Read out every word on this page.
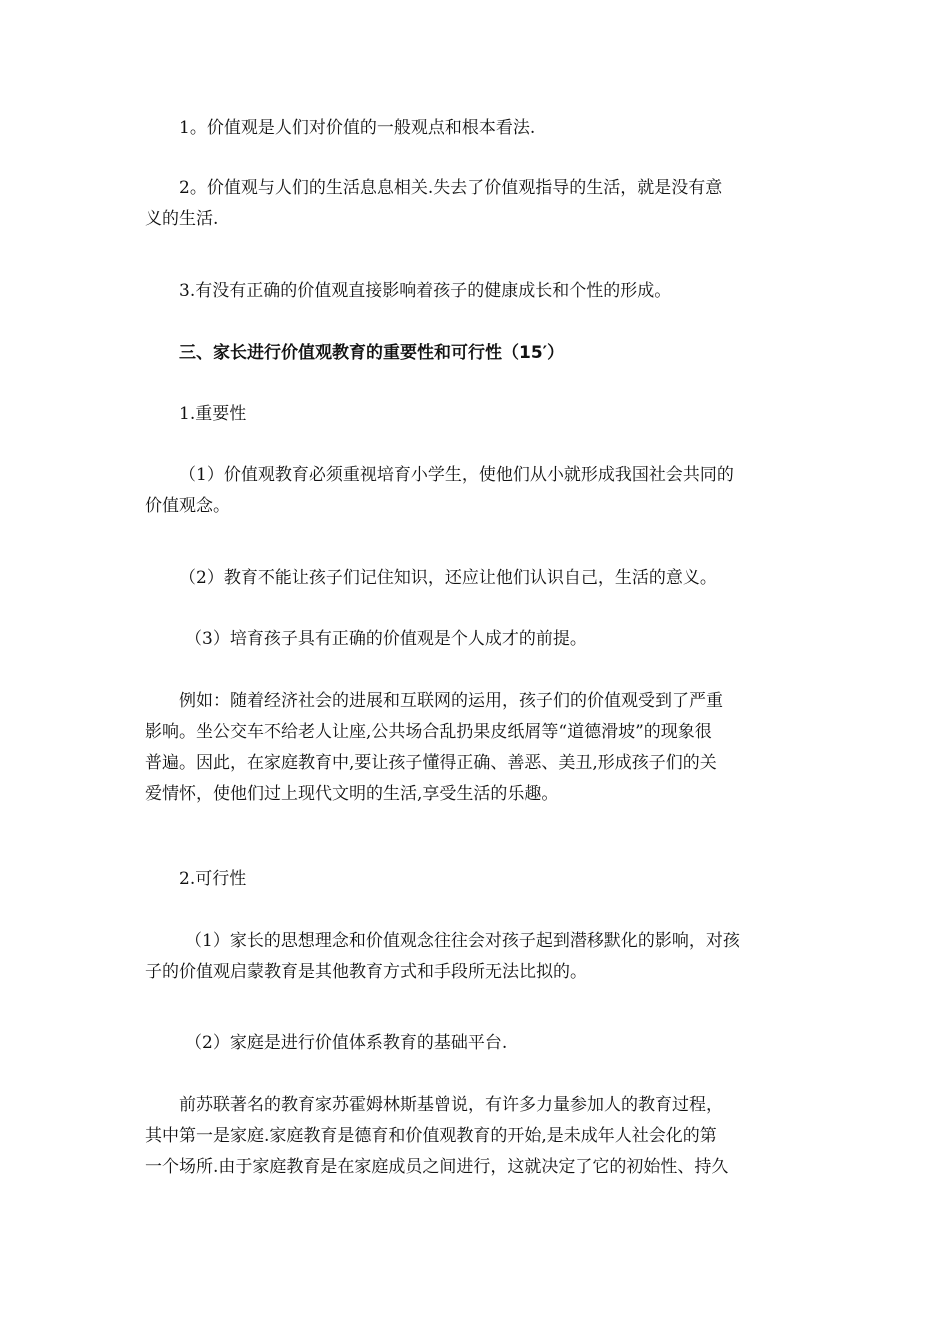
1。价值观是人们对价值的一般观点和根本看法.
2。价值观与人们的生活息息相关.失去了价值观指导的生活，就是没有意
义的生活.
3.有没有正确的价值观直接影响着孩子的健康成长和个性的形成。
三、家长进行价值观教育的重要性和可行性（15′）
1.重要性
（1）价值观教育必须重视培育小学生，使他们从小就形成我国社会共同的
价值观念。
（2）教育不能让孩子们记住知识，还应让他们认识自己，生活的意义。
（3）培育孩子具有正确的价值观是个人成才的前提。
例如：随着经济社会的进展和互联网的运用，孩子们的价值观受到了严重
影响。坐公交车不给老人让座,公共场合乱扔果皮纸屑等“道德滑坡”的现象很
普遍。因此，在家庭教育中,要让孩子懂得正确、善恶、美丑,形成孩子们的关
爱情怀，使他们过上现代文明的生活,享受生活的乐趣。
2.可行性
（1）家长的思想理念和价值观念往往会对孩子起到潜移默化的影响，对孩
子的价值观启蒙教育是其他教育方式和手段所无法比拟的。
（2）家庭是进行价值体系教育的基础平台.
前苏联著名的教育家苏霍姆林斯基曾说，有许多力量参加人的教育过程，
其中第一是家庭.家庭教育是德育和价值观教育的开始,是未成年人社会化的第
一个场所.由于家庭教育是在家庭成员之间进行，这就决定了它的初始性、持久
